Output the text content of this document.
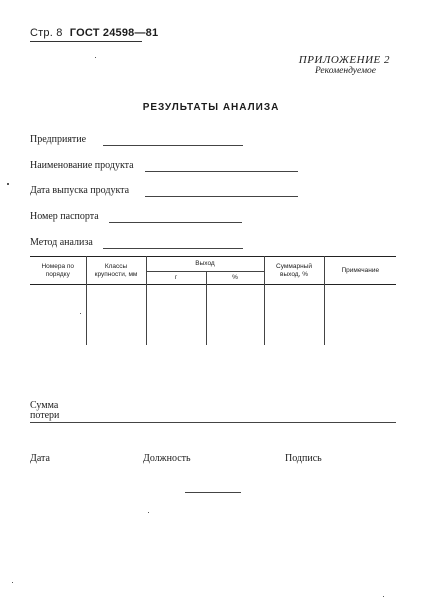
Стр. 8 ГОСТ 24598—81
ПРИЛОЖЕНИЕ 2
Рекомендуемое
РЕЗУЛЬТАТЫ АНАЛИЗА
Предприятие
Наименование продукта
Дата выпуска продукта
Номер паспорта
Метод анализа
Номера по порядку	Классы крупности, мм	Выход		Суммарный выход, %	Примечание
		г	%		

Сумма
потери
Дата	Должность	Подпись
